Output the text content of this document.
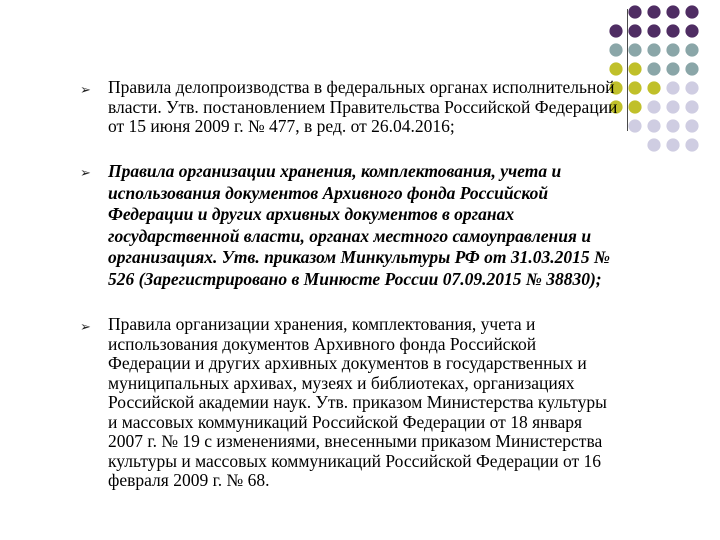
➢ Правила делопроизводства в федеральных органах исполнительной
власти. Утв. постановлением Правительства Российской Федерации
от 15 июня 2009 г. № 477, в ред. от 26.04.2016;
➢ Правила организации хранения, комплектования, учета и
использования документов Архивного фонда Российской
Федерации и других архивных документов в органах
государственной власти, органах местного самоуправления и
организациях. Утв. приказом Минкультуры РФ от 31.03.2015 №
526 (Зарегистрировано в Минюсте России 07.09.2015 № 38830);
➢ Правила организации хранения, комплектования, учета и
использования документов Архивного фонда Российской
Федерации и других архивных документов в государственных и
муниципальных архивах, музеях и библиотеках, организациях
Российской академии наук. Утв. приказом Министерства культуры
и массовых коммуникаций Российской Федерации от 18 января
2007 г. № 19 с изменениями, внесенными приказом Министерства
культуры и массовых коммуникаций Российской Федерации от 16
февраля 2009 г. № 68.
